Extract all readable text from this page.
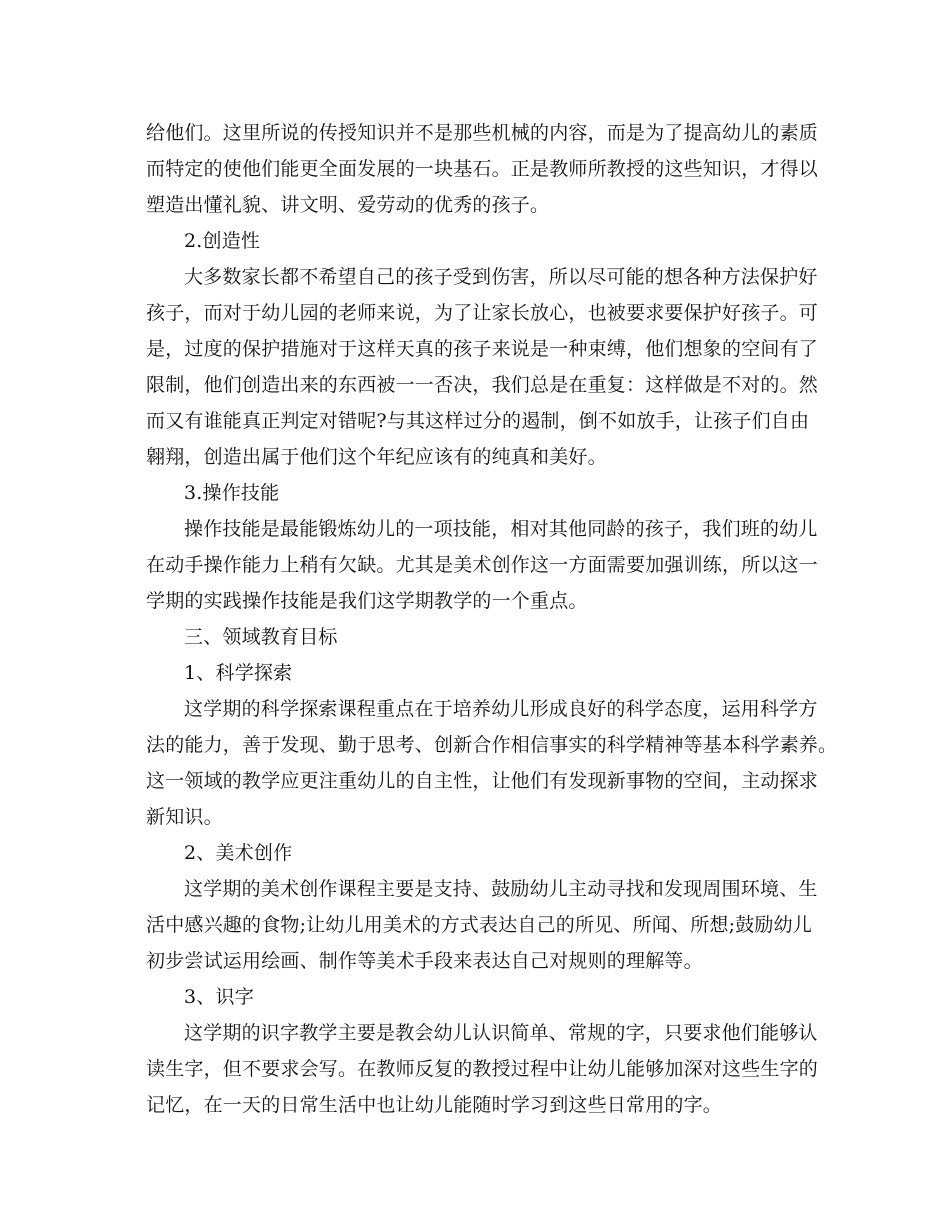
给他们。这里所说的传授知识并不是那些机械的内容，而是为了提高幼儿的素质
而特定的使他们能更全面发展的一块基石。正是教师所教授的这些知识，才得以
塑造出懂礼貌、讲文明、爱劳动的优秀的孩子。
2.创造性
大多数家长都不希望自己的孩子受到伤害，所以尽可能的想各种方法保护好
孩子，而对于幼儿园的老师来说，为了让家长放心，也被要求要保护好孩子。可
是，过度的保护措施对于这样天真的孩子来说是一种束缚，他们想象的空间有了
限制，他们创造出来的东西被一一否决，我们总是在重复：这样做是不对的。然
而又有谁能真正判定对错呢?与其这样过分的遏制，倒不如放手，让孩子们自由
翱翔，创造出属于他们这个年纪应该有的纯真和美好。
3.操作技能
操作技能是最能锻炼幼儿的一项技能，相对其他同龄的孩子，我们班的幼儿
在动手操作能力上稍有欠缺。尤其是美术创作这一方面需要加强训练，所以这一
学期的实践操作技能是我们这学期教学的一个重点。
三、领域教育目标
1、科学探索
这学期的科学探索课程重点在于培养幼儿形成良好的科学态度，运用科学方
法的能力，善于发现、勤于思考、创新合作相信事实的科学精神等基本科学素养。
这一领域的教学应更注重幼儿的自主性，让他们有发现新事物的空间，主动探求
新知识。
2、美术创作
这学期的美术创作课程主要是支持、鼓励幼儿主动寻找和发现周围环境、生
活中感兴趣的食物;让幼儿用美术的方式表达自己的所见、所闻、所想;鼓励幼儿
初步尝试运用绘画、制作等美术手段来表达自己对规则的理解等。
3、识字
这学期的识字教学主要是教会幼儿认识简单、常规的字，只要求他们能够认
读生字，但不要求会写。在教师反复的教授过程中让幼儿能够加深对这些生字的
记忆，在一天的日常生活中也让幼儿能随时学习到这些日常用的字。
